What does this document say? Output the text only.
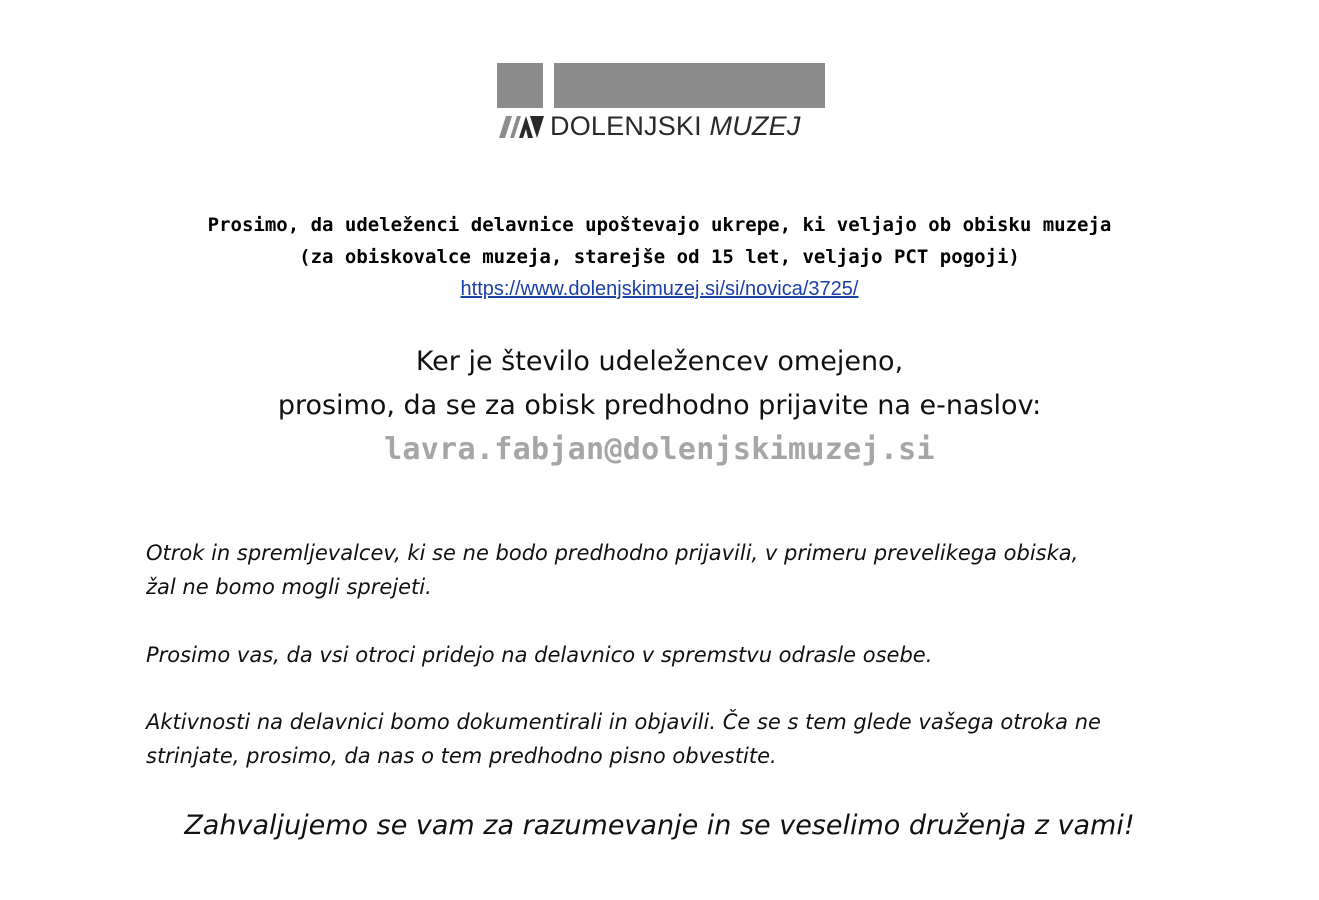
DOLENJSKI MUZEJ
Prosimo, da udeleženci delavnice upoštevajo ukrepe, ki veljajo ob obisku muzeja
(za obiskovalce muzeja, starejše od 15 let, veljajo PCT pogoji)
https://www.dolenjskimuzej.si/si/novica/3725/
Ker je število udeležencev omejeno,
prosimo, da se za obisk predhodno prijavite na e-naslov:
lavra.fabjan@dolenjskimuzej.si
Otrok in spremljevalcev, ki se ne bodo predhodno prijavili, v primeru prevelikega obiska,
žal ne bomo mogli sprejeti.
Prosimo vas, da vsi otroci pridejo na delavnico v spremstvu odrasle osebe.
Aktivnosti na delavnici bomo dokumentirali in objavili. Če se s tem glede vašega otroka ne
strinjate, prosimo, da nas o tem predhodno pisno obvestite.
Zahvaljujemo se vam za razumevanje in se veselimo druženja z vami!
